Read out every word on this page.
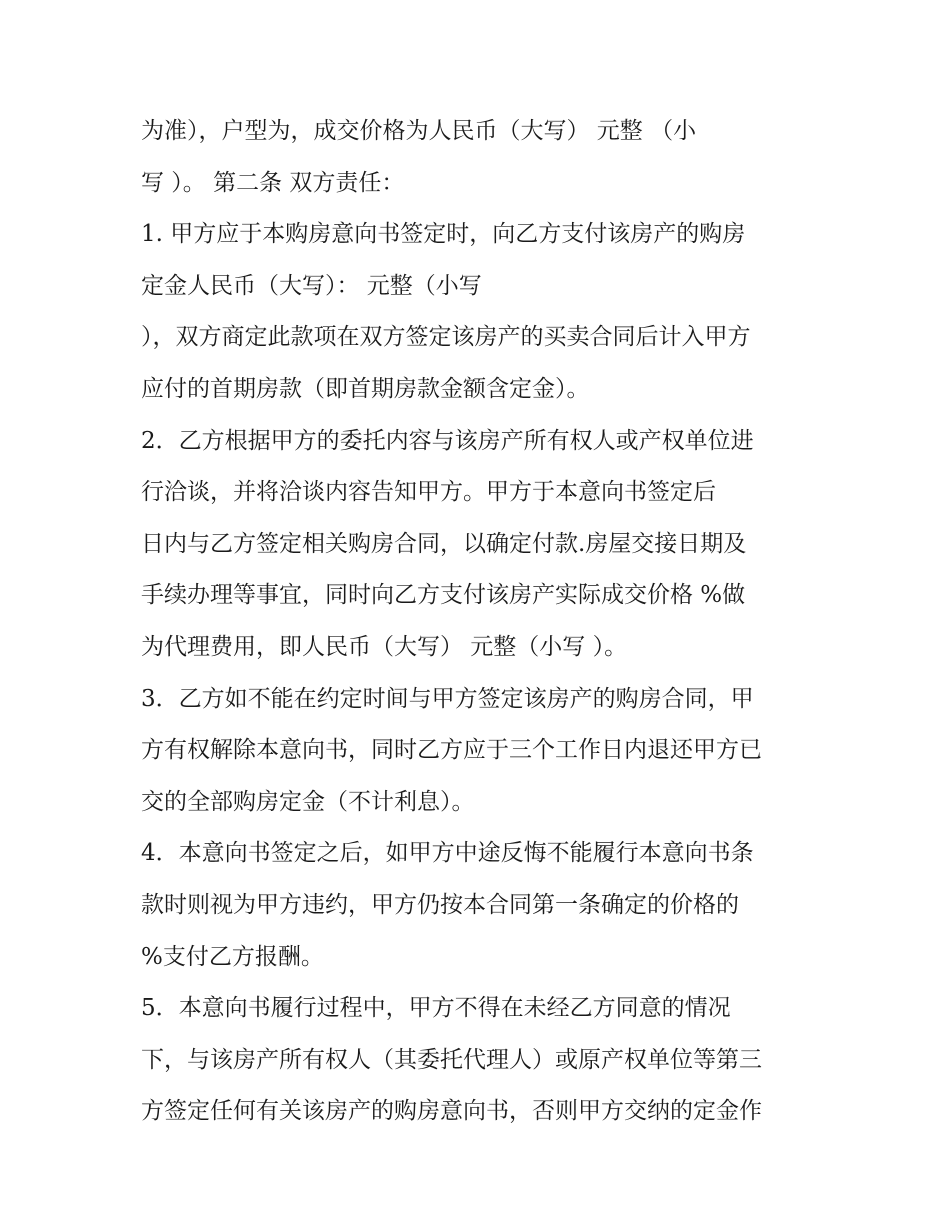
为准），户型为，成交价格为人民币（大写） 元整 （小
写 ）。 第二条 双方责任：
1. 甲方应于本购房意向书签定时，向乙方支付该房产的购房
定金人民币（大写）： 元整（小写
），双方商定此款项在双方签定该房产的买卖合同后计入甲方
应付的首期房款（即首期房款金额含定金）。
2．乙方根据甲方的委托内容与该房产所有权人或产权单位进
行洽谈，并将洽谈内容告知甲方。甲方于本意向书签定后
日内与乙方签定相关购房合同，以确定付款.房屋交接日期及
手续办理等事宜，同时向乙方支付该房产实际成交价格 %做
为代理费用，即人民币（大写） 元整（小写 ）。
3．乙方如不能在约定时间与甲方签定该房产的购房合同，甲
方有权解除本意向书，同时乙方应于三个工作日内退还甲方已
交的全部购房定金（不计利息）。
4．本意向书签定之后，如甲方中途反悔不能履行本意向书条
款时则视为甲方违约，甲方仍按本合同第一条确定的价格的
%支付乙方报酬。
5．本意向书履行过程中，甲方不得在未经乙方同意的情况
下，与该房产所有权人（其委托代理人）或原产权单位等第三
方签定任何有关该房产的购房意向书，否则甲方交纳的定金作
